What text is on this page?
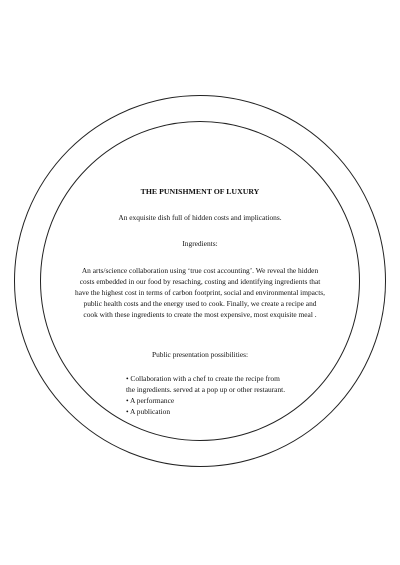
THE PUNISHMENT OF LUXURY
An exquisite dish full of hidden costs and implications.
Ingredients:
An arts/science collaboration using ‘true cost accounting’. We reveal the hidden
costs embedded in our food by resaching, costing and identifying ingredients that
have the highest cost in terms of carbon footprint, social and environmental impacts,
public health costs and the energy used to cook. Finally, we create a recipe and
cook with these ingredients to create the most expensive, most exquisite meal .
Public presentation possibilities:
• Collaboration with a chef to create the recipe from
the ingredients. served at a pop up or other restaurant.
• A performance
• A publication
